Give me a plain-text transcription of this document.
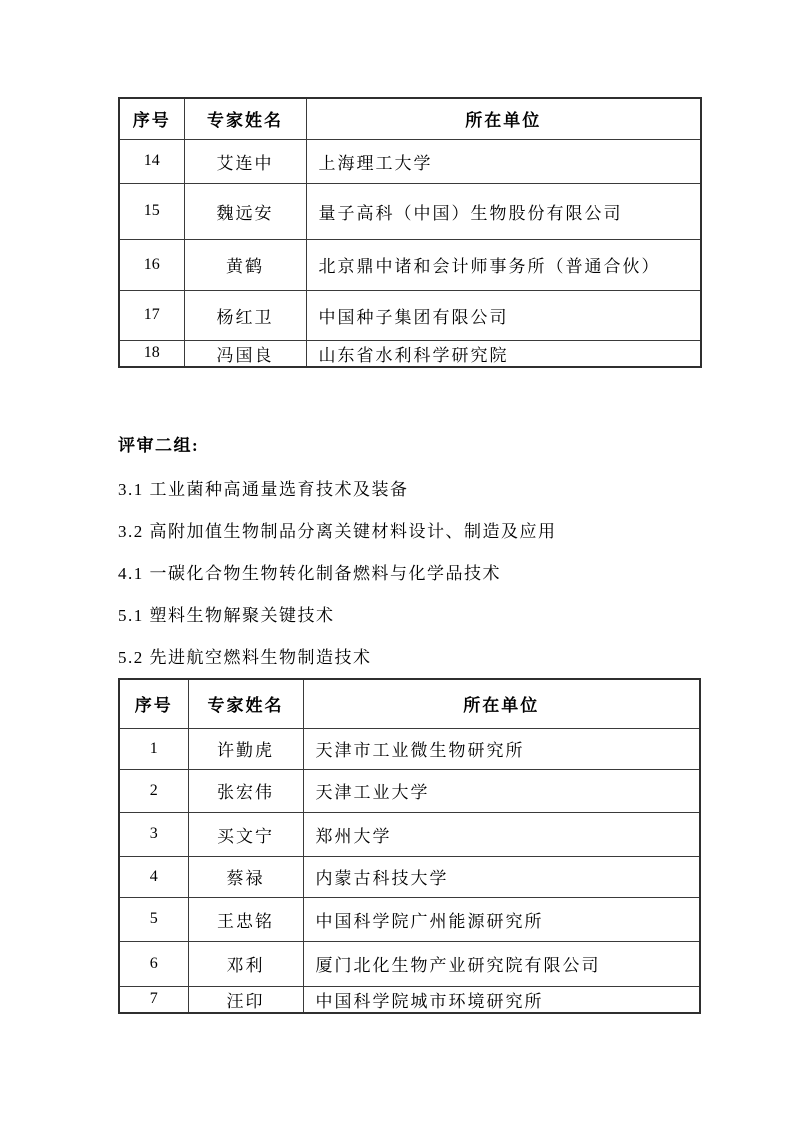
序号	专家姓名	所在单位
14	艾连中	上海理工大学
15	魏远安	量子高科（中国）生物股份有限公司
16	黄鹤	北京鼎中诸和会计师事务所（普通合伙）
17	杨红卫	中国种子集团有限公司
18	冯国良	山东省水利科学研究院
评审二组:
3.1 工业菌种高通量选育技术及装备
3.2 高附加值生物制品分离关键材料设计、制造及应用
4.1 一碳化合物生物转化制备燃料与化学品技术
5.1 塑料生物解聚关键技术
5.2 先进航空燃料生物制造技术
序号	专家姓名	所在单位
1	许勤虎	天津市工业微生物研究所
2	张宏伟	天津工业大学
3	买文宁	郑州大学
4	蔡禄	内蒙古科技大学
5	王忠铭	中国科学院广州能源研究所
6	邓利	厦门北化生物产业研究院有限公司
7	汪印	中国科学院城市环境研究所
